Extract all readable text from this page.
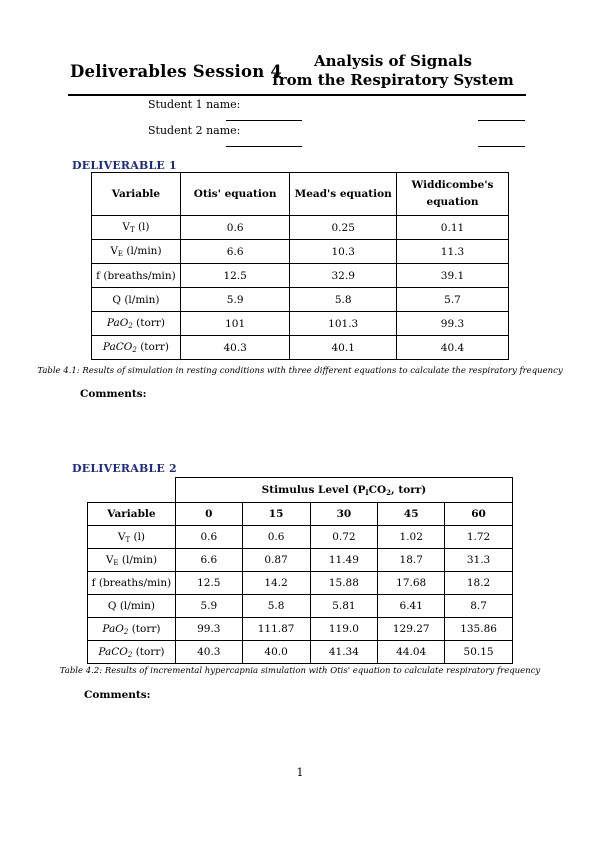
Deliverables Session 4
Analysis of Signals
from the Respiratory System
Student 1 name:
Student 2 name:
DELIVERABLE 1
Variable	Otis' equation	Mead's equation	Widdicombe's equation
$V_T$ (l)	0.6	0.25	0.11
$V_E$ (l/min)	6.6	10.3	11.3
f (breaths/min)	12.5	32.9	39.1
Q (l/min)	5.9	5.8	5.7
PaO$_2$ (torr)	101	101.3	99.3
PaCO$_2$ (torr)	40.3	40.1	40.4
Table 4.1: Results of simulation in resting conditions with three different equations to calculate the respiratory frequency
Comments:
DELIVERABLE 2
	Stimulus Level ($P_ICO_2$, torr)				
Variable	0	15	30	45	60
$V_T$ (l)	0.6	0.6	0.72	1.02	1.72
$V_E$ (l/min)	6.6	0.87	11.49	18.7	31.3
f (breaths/min)	12.5	14.2	15.88	17.68	18.2
Q (l/min)	5.9	5.8	5.81	6.41	8.7
PaO$_2$ (torr)	99.3	111.87	119.0	129.27	135.86
PaCO$_2$ (torr)	40.3	40.0	41.34	44.04	50.15
Table 4.2: Results of incremental hypercapnia simulation with Otis' equation to calculate respiratory frequency
Comments:
1
